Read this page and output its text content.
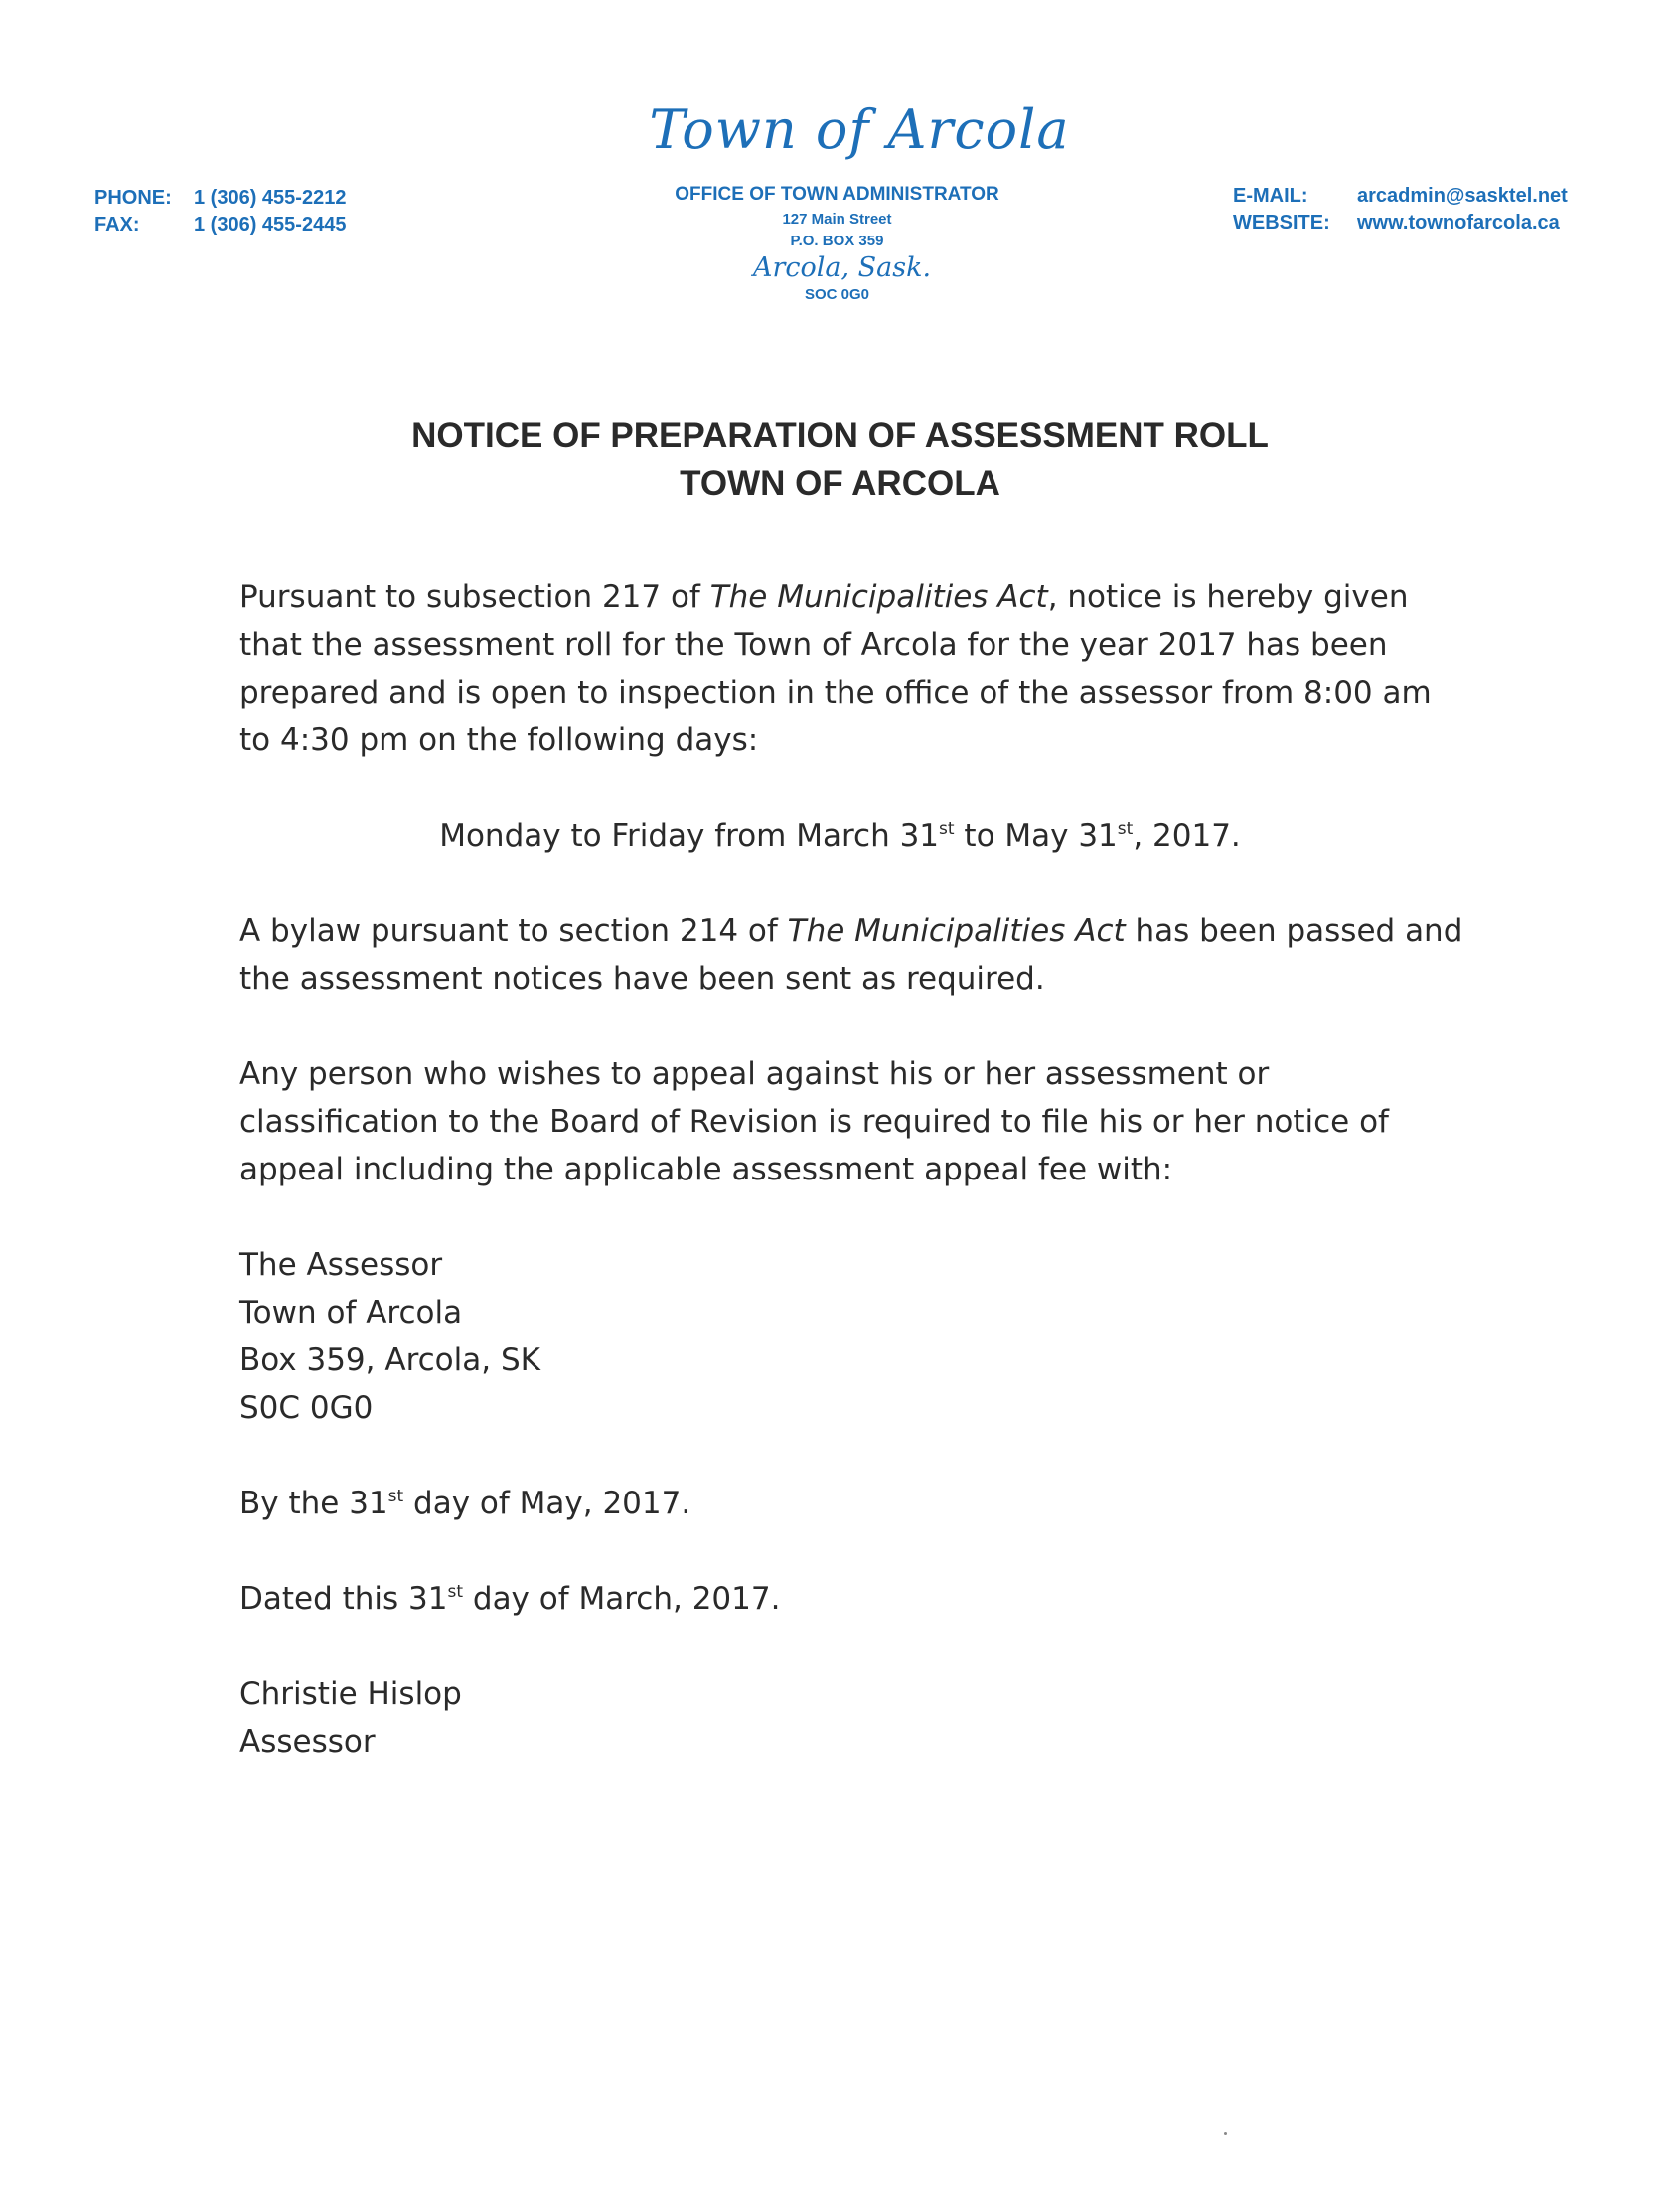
PHONE: 1 (306) 455-2212
FAX:	1 (306) 455-2445
Town of Arcola
OFFICE OF TOWN ADMINISTRATOR
127 Main Street
P.O. BOX 359
Arcola, Sask.
SOC 0G0
E-MAIL: arcadmin@sasktel.net
WEBSITE: www.townofarcola.ca
NOTICE OF PREPARATION OF ASSESSMENT ROLL
TOWN OF ARCOLA

Pursuant to subsection 217 of The Municipalities Act, notice is hereby given that the assessment roll for the Town of Arcola for the year 2017 has been prepared and is open to inspection in the office of the assessor from 8:00 am to 4:30 pm on the following days:

Monday to Friday from March 31st to May 31st, 2017.

A bylaw pursuant to section 214 of The Municipalities Act has been passed and the assessment notices have been sent as required.

Any person who wishes to appeal against his or her assessment or classification to the Board of Revision is required to file his or her notice of appeal including the applicable assessment appeal fee with:

The Assessor
Town of Arcola
Box 359, Arcola, SK
S0C 0G0
By the 31st day of May, 2017.
Dated this 31st day of March, 2017.
Christie Hislop
Assessor
